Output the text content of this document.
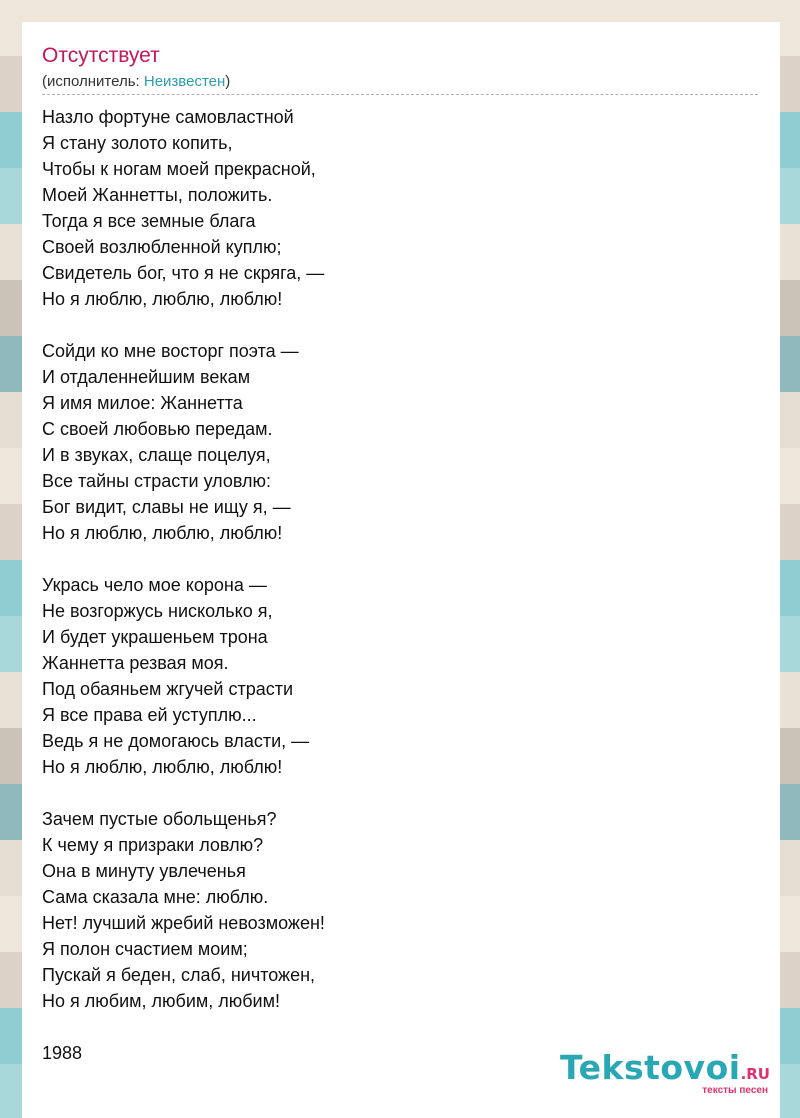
Отсутствует
(исполнитель: Неизвестен)
Назло фортуне самовластной
Я стану золото копить,
Чтобы к ногам моей прекрасной,
Моей Жаннетты, положить.
Тогда я все земные блага
Своей возлюбленной куплю;
Свидетель бог, что я не скряга, —
Но я люблю, люблю, люблю!
Сойди ко мне восторг поэта —
И отдаленнейшим векам
Я имя милое: Жаннетта
С своей любовью передам.
И в звуках, слаще поцелуя,
Все тайны страсти уловлю:
Бог видит, славы не ищу я, —
Но я люблю, люблю, люблю!
Укрась чело мое корона —
Не возгоржусь нисколько я,
И будет украшеньем трона
Жаннетта резвая моя.
Под обаяньем жгучей страсти
Я все права ей уступлю...
Ведь я не домогаюсь власти, —
Но я люблю, люблю, люблю!
Зачем пустые обольщенья?
К чему я призраки ловлю?
Она в минуту увлеченья
Сама сказала мне: люблю.
Нет! лучший жребий невозможен!
Я полон счастием моим;
Пускай я беден, слаб, ничтожен,
Но я любим, любим, любим!
1988	Tekstovoi.RU
тексты песен
